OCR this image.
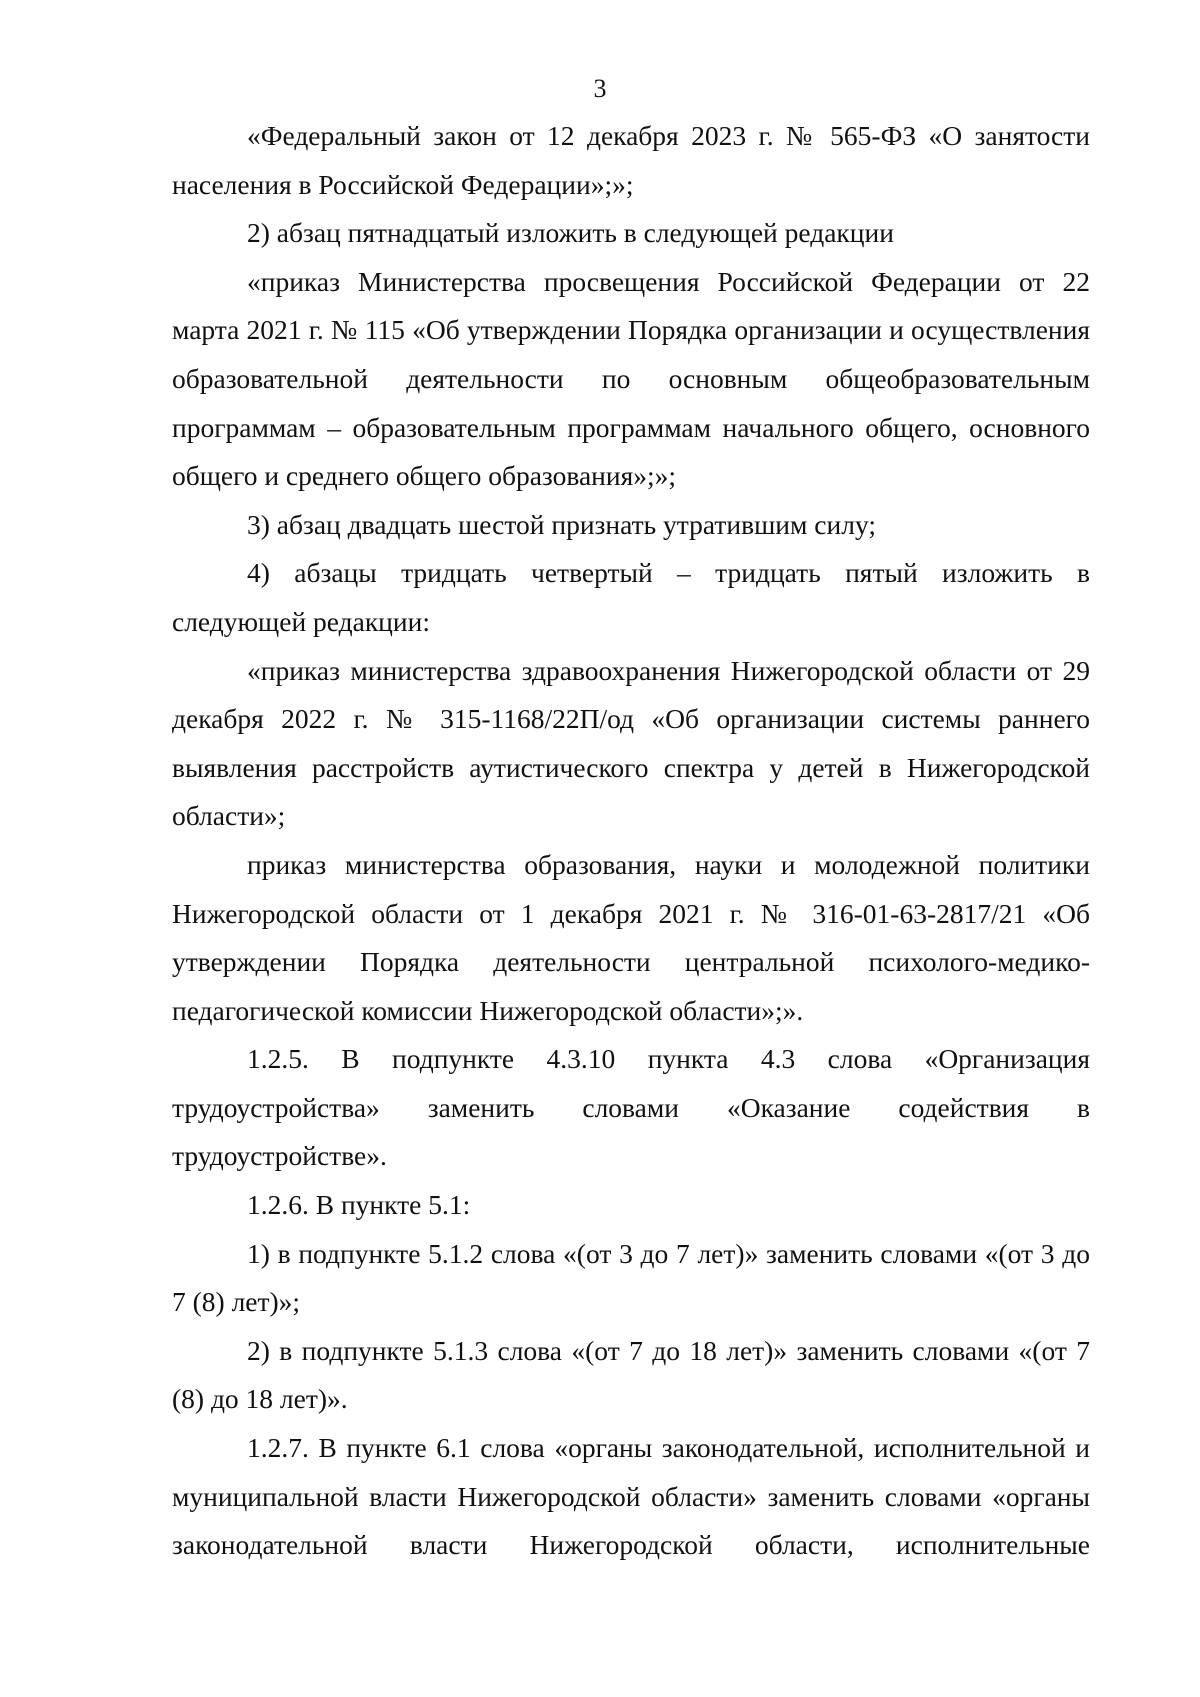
3

«Федеральный закон от 12 декабря 2023 г. № 565-ФЗ «О занятости населения в Российской Федерации»;»;

2) абзац пятнадцатый изложить в следующей редакции

«приказ Министерства просвещения Российской Федерации от 22 марта 2021 г. № 115 «Об утверждении Порядка организации и осуществления образовательной деятельности по основным общеобразовательным программам – образовательным программам начального общего, основного общего и среднего общего образования»;»;

3) абзац двадцать шестой признать утратившим силу;

4) абзацы тридцать четвертый – тридцать пятый изложить в следующей редакции:

«приказ министерства здравоохранения Нижегородской области от 29 декабря 2022 г. № 315-1168/22П/од «Об организации системы раннего выявления расстройств аутистического спектра у детей в Нижегородской области»;

приказ министерства образования, науки и молодежной политики Нижегородской области от 1 декабря 2021 г. № 316-01-63-2817/21 «Об утверждении Порядка деятельности центральной психолого-медико-педагогической комиссии Нижегородской области»;».

1.2.5. В подпункте 4.3.10 пункта 4.3 слова «Организация трудоустройства» заменить словами «Оказание содействия в трудоустройстве».

1.2.6. В пункте 5.1:

1) в подпункте 5.1.2 слова «(от 3 до 7 лет)» заменить словами «(от 3 до 7 (8) лет)»;

2) в подпункте 5.1.3 слова «(от 7 до 18 лет)» заменить словами «(от 7 (8) до 18 лет)».

1.2.7. В пункте 6.1 слова «органы законодательной, исполнительной и муниципальной власти Нижегородской области» заменить словами «органы законодательной власти Нижегородской области, исполнительные
